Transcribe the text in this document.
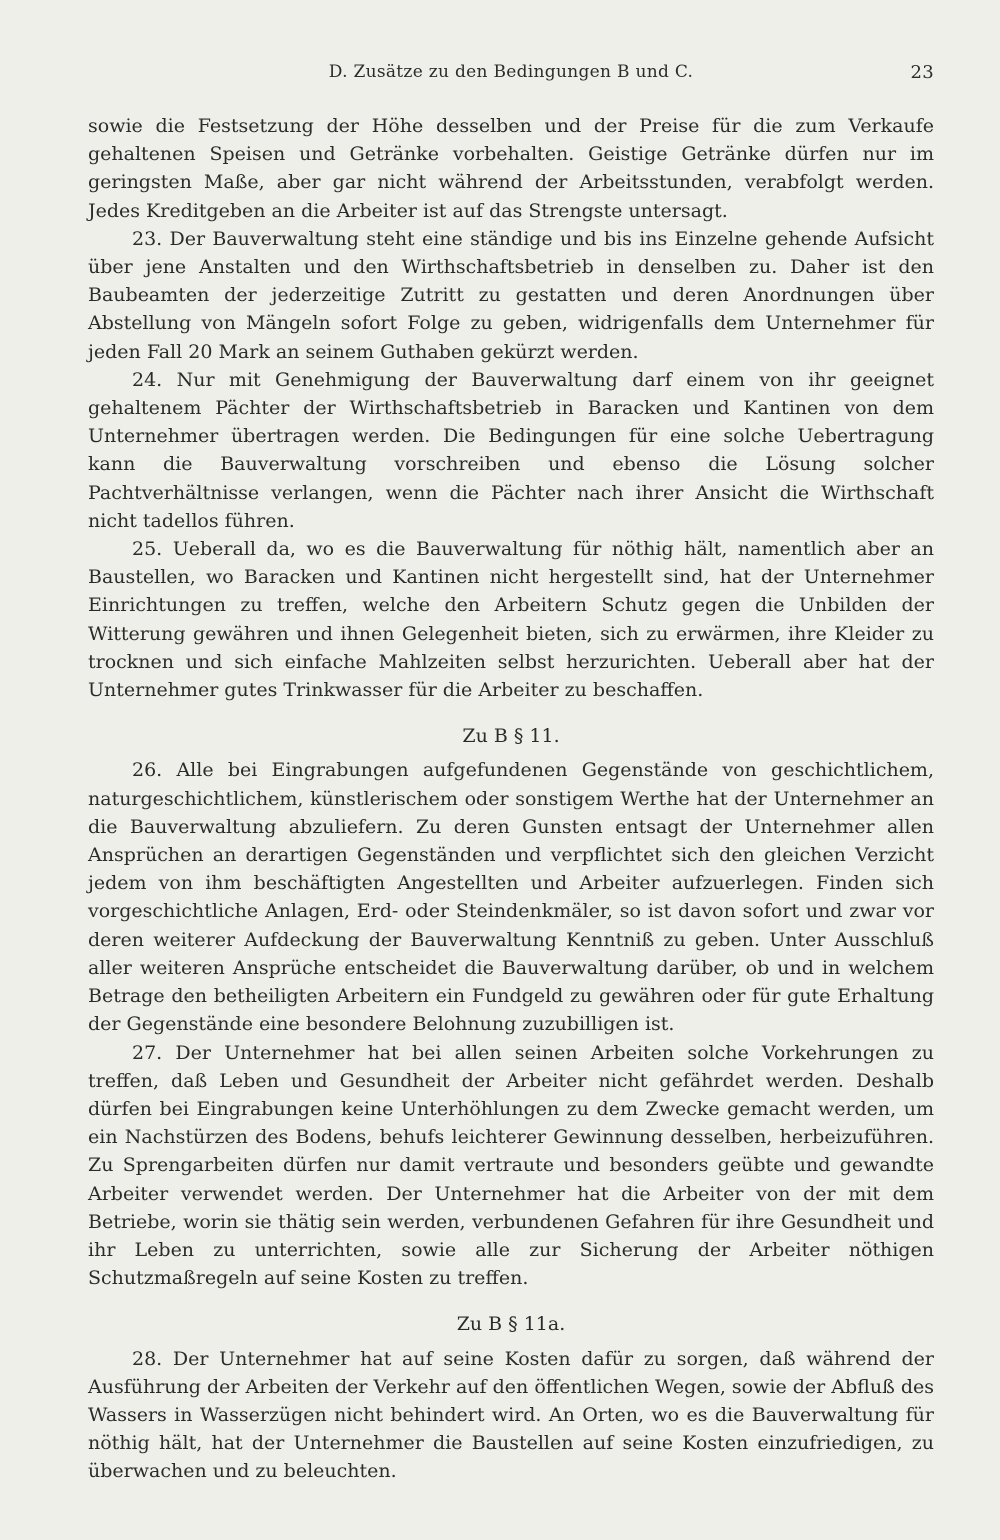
D. Zusätze zu den Bedingungen B und C.	23

sowie die Festsetzung der Höhe desselben und der Preise für die zum Verkaufe gehaltenen Speisen und Getränke vorbehalten. Geistige Getränke dürfen nur im geringsten Maße, aber gar nicht während der Arbeitsstunden, verabfolgt werden. Jedes Kreditgeben an die Arbeiter ist auf das Strengste untersagt.

23. Der Bauverwaltung steht eine ständige und bis ins Einzelne gehende Aufsicht über jene Anstalten und den Wirthschaftsbetrieb in denselben zu. Daher ist den Baubeamten der jederzeitige Zutritt zu gestatten und deren Anordnungen über Abstellung von Mängeln sofort Folge zu geben, widrigenfalls dem Unternehmer für jeden Fall 20 Mark an seinem Guthaben gekürzt werden.

24. Nur mit Genehmigung der Bauverwaltung darf einem von ihr geeignet gehaltenem Pächter der Wirthschaftsbetrieb in Baracken und Kantinen von dem Unternehmer übertragen werden. Die Bedingungen für eine solche Uebertragung kann die Bauverwaltung vorschreiben und ebenso die Lösung solcher Pachtverhältnisse verlangen, wenn die Pächter nach ihrer Ansicht die Wirthschaft nicht tadellos führen.

25. Ueberall da, wo es die Bauverwaltung für nöthig hält, namentlich aber an Baustellen, wo Baracken und Kantinen nicht hergestellt sind, hat der Unternehmer Einrichtungen zu treffen, welche den Arbeitern Schutz gegen die Unbilden der Witterung gewähren und ihnen Gelegenheit bieten, sich zu erwärmen, ihre Kleider zu trocknen und sich einfache Mahlzeiten selbst herzurichten. Ueberall aber hat der Unternehmer gutes Trinkwasser für die Arbeiter zu beschaffen.

Zu B § 11.

26. Alle bei Eingrabungen aufgefundenen Gegenstände von geschichtlichem, naturgeschichtlichem, künstlerischem oder sonstigem Werthe hat der Unternehmer an die Bauverwaltung abzuliefern. Zu deren Gunsten entsagt der Unternehmer allen Ansprüchen an derartigen Gegenständen und verpflichtet sich den gleichen Verzicht jedem von ihm beschäftigten Angestellten und Arbeiter aufzuerlegen. Finden sich vorgeschichtliche Anlagen, Erd- oder Steindenkmäler, so ist davon sofort und zwar vor deren weiterer Aufdeckung der Bauverwaltung Kenntniß zu geben. Unter Ausschluß aller weiteren Ansprüche entscheidet die Bauverwaltung darüber, ob und in welchem Betrage den betheiligten Arbeitern ein Fundgeld zu gewähren oder für gute Erhaltung der Gegenstände eine besondere Belohnung zuzubilligen ist.

27. Der Unternehmer hat bei allen seinen Arbeiten solche Vorkehrungen zu treffen, daß Leben und Gesundheit der Arbeiter nicht gefährdet werden. Deshalb dürfen bei Eingrabungen keine Unterhöhlungen zu dem Zwecke gemacht werden, um ein Nachstürzen des Bodens, behufs leichterer Gewinnung desselben, herbeizuführen. Zu Sprengarbeiten dürfen nur damit vertraute und besonders geübte und gewandte Arbeiter verwendet werden. Der Unternehmer hat die Arbeiter von der mit dem Betriebe, worin sie thätig sein werden, verbundenen Gefahren für ihre Gesundheit und ihr Leben zu unterrichten, sowie alle zur Sicherung der Arbeiter nöthigen Schutzmaßregeln auf seine Kosten zu treffen.

Zu B § 11a.

28. Der Unternehmer hat auf seine Kosten dafür zu sorgen, daß während der Ausführung der Arbeiten der Verkehr auf den öffentlichen Wegen, sowie der Abfluß des Wassers in Wasserzügen nicht behindert wird. An Orten, wo es die Bauverwaltung für nöthig hält, hat der Unternehmer die Baustellen auf seine Kosten einzufriedigen, zu überwachen und zu beleuchten.
